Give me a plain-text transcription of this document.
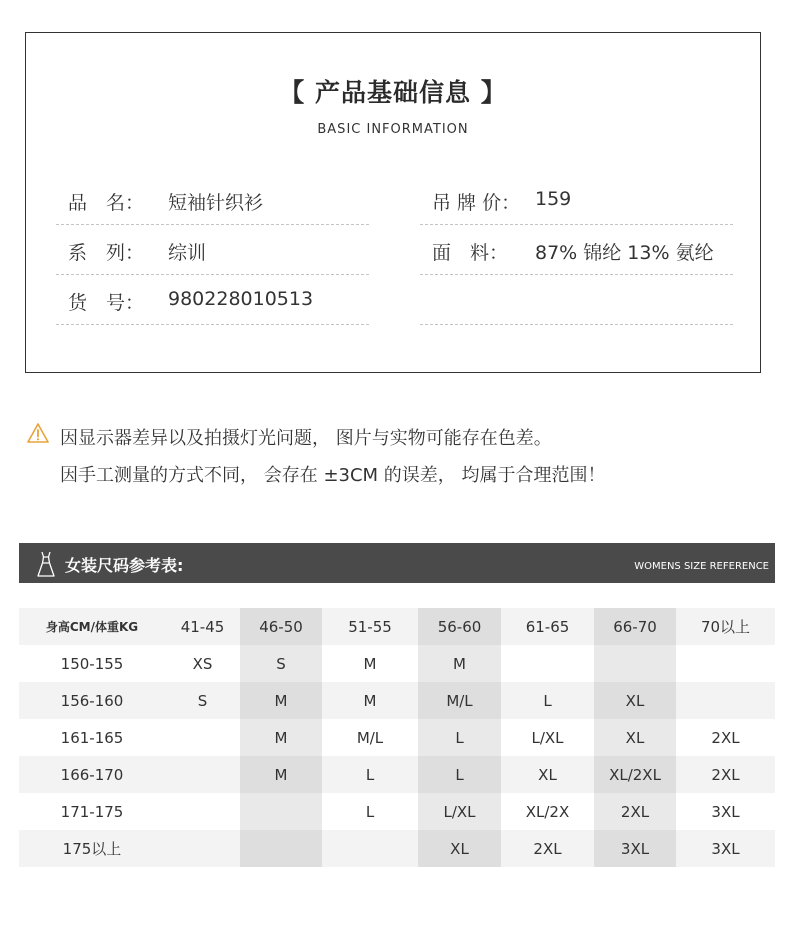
【 产品基础信息 】
BASIC INFORMATION
品　名：	短袖针织衫
系　列：	综训
货　号：	980228010513
吊 牌 价： 159
面　料：	87% 锦纶 13% 氨纶
因显示器差异以及拍摄灯光问题， 图片与实物可能存在色差。
因手工测量的方式不同， 会存在 ±3CM 的误差， 均属于合理范围！
女装尺码参考表:	WOMENS SIZE REFERENCE
身高CM/体重KG	41-45	46-50	51-55	56-60	61-65	66-70	70以上
150-155	XS	S	M	M			
156-160	S	M	M	M/L	L	XL	
161-165		M	M/L	L	L/XL	XL	2XL
166-170		M	L	L	XL	XL/2XL	2XL
171-175			L	L/XL	XL/2X	2XL	3XL
175以上				XL	2XL	3XL	3XL
